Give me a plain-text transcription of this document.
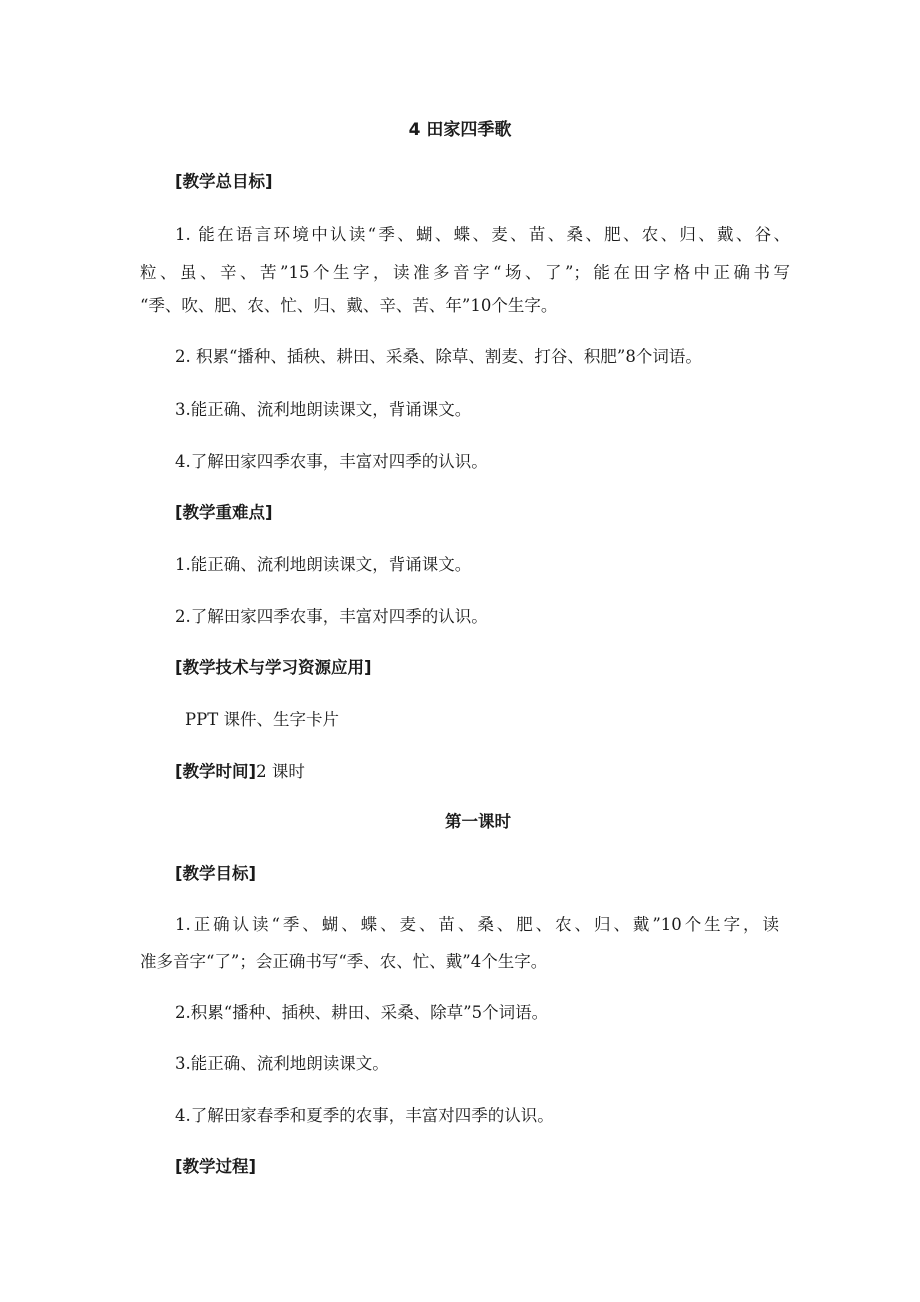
4 田家四季歌

[教学总目标]

1. 能在语言环境中认读“季、蝴、蝶、麦、苗、桑、肥、农、归、戴、谷、

粒、虽、辛、苦”15个生字，读准多音字“场、了”；能在田字格中正确书写

“季、吹、肥、农、忙、归、戴、辛、苦、年”10个生字。

2. 积累“播种、插秧、耕田、采桑、除草、割麦、打谷、积肥”8个词语。

3.能正确、流利地朗读课文，背诵课文。

4.了解田家四季农事，丰富对四季的认识。

[教学重难点]

1.能正确、流利地朗读课文，背诵课文。

2.了解田家四季农事，丰富对四季的认识。

[教学技术与学习资源应用]

PPT 课件、生字卡片

[教学时间]2 课时

第一课时

[教学目标]

1.正确认读“季、蝴、蝶、麦、苗、桑、肥、农、归、戴”10个生字，读

准多音字“了”；会正确书写“季、农、忙、戴”4个生字。

2.积累“播种、插秧、耕田、采桑、除草”5个词语。

3.能正确、流利地朗读课文。

4.了解田家春季和夏季的农事，丰富对四季的认识。

[教学过程]
